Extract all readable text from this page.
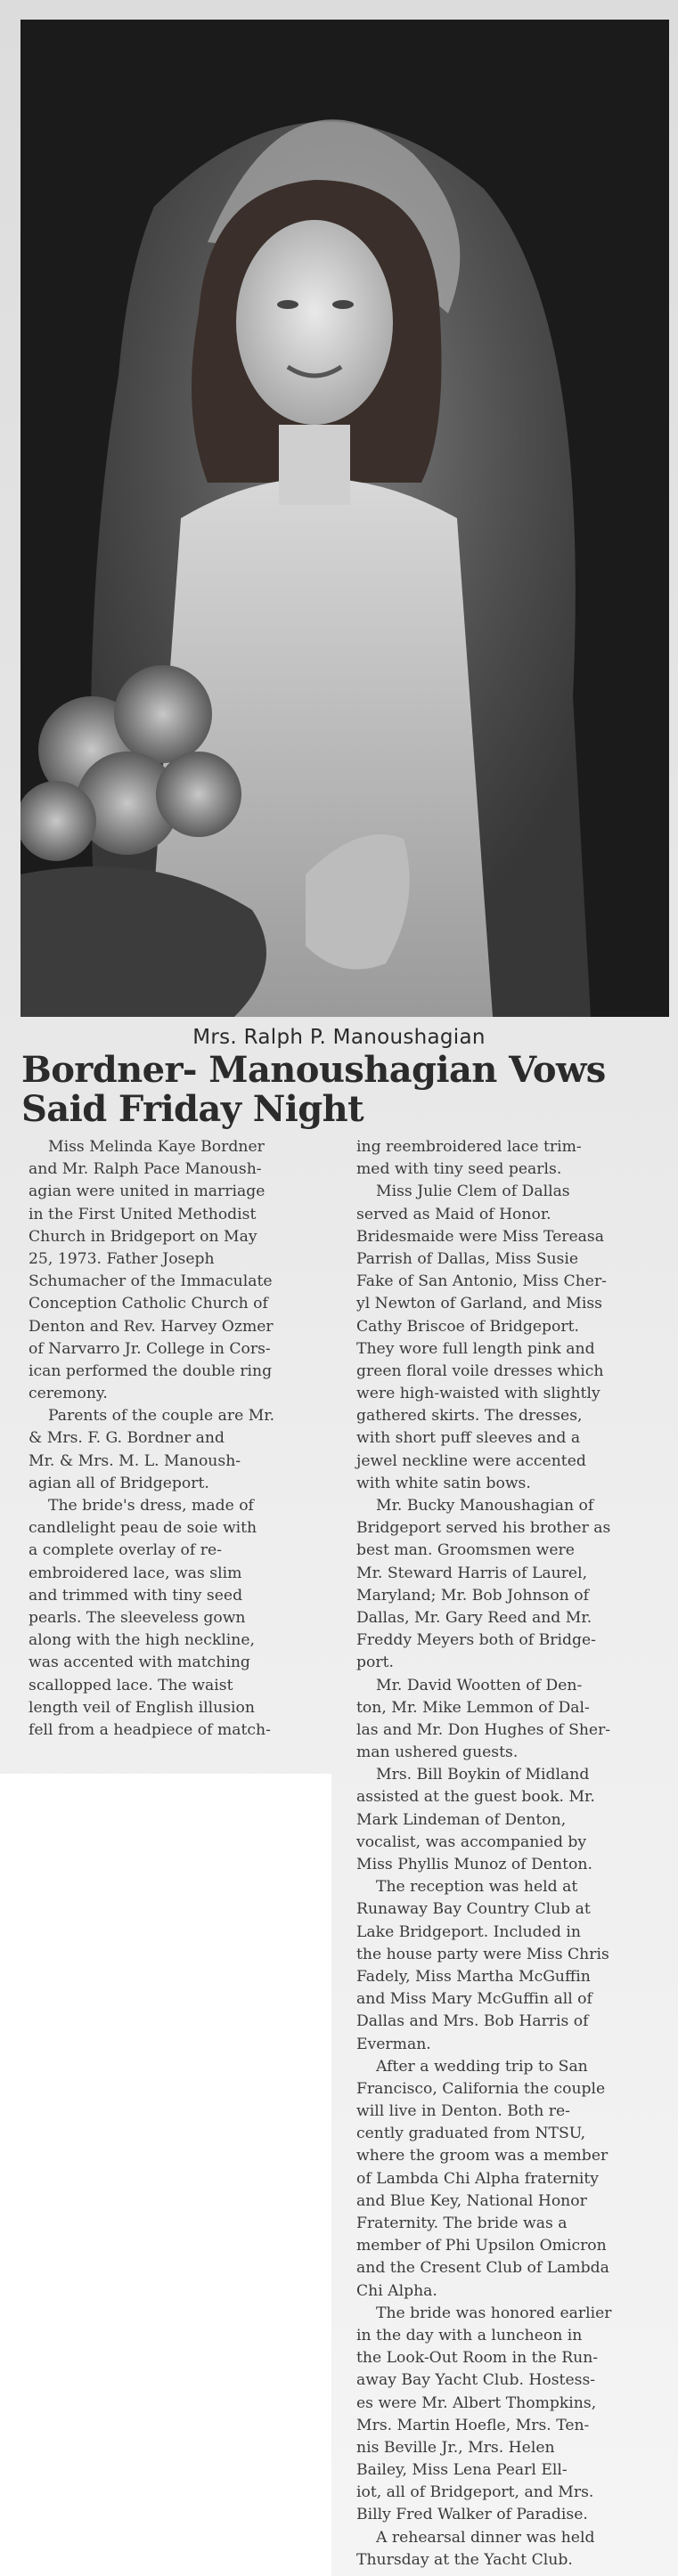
Mrs. Ralph P. Manoushagian
Bordner- Manoushagian Vows
Said Friday Night
Miss Melinda Kaye Bordner
and Mr. Ralph Pace Manoush-
agian were united in marriage
in the First United Methodist
Church in Bridgeport on May
25, 1973. Father Joseph
Schumacher of the Immaculate
Conception Catholic Church of
Denton and Rev. Harvey Ozmer
of Narvarro Jr. College in Cors-
ican performed the double ring
ceremony.
Parents of the couple are Mr.
& Mrs. F. G. Bordner and
Mr. & Mrs. M. L. Manoush-
agian all of Bridgeport.
The bride's dress, made of
candlelight peau de soie with
a complete overlay of re-
embroidered lace, was slim
and trimmed with tiny seed
pearls. The sleeveless gown
along with the high neckline,
was accented with matching
scallopped lace. The waist
length veil of English illusion
fell from a headpiece of match-
ing reembroidered lace trim-
med with tiny seed pearls.
Miss Julie Clem of Dallas
served as Maid of Honor.
Bridesmaide were Miss Tereasa
Parrish of Dallas, Miss Susie
Fake of San Antonio, Miss Cher-
yl Newton of Garland, and Miss
Cathy Briscoe of Bridgeport.
They wore full length pink and
green floral voile dresses which
were high-waisted with slightly
gathered skirts. The dresses,
with short puff sleeves and a
jewel neckline were accented
with white satin bows.
Mr. Bucky Manoushagian of
Bridgeport served his brother as
best man. Groomsmen were
Mr. Steward Harris of Laurel,
Maryland; Mr. Bob Johnson of
Dallas, Mr. Gary Reed and Mr.
Freddy Meyers both of Bridge-
port.
Mr. David Wootten of Den-
ton, Mr. Mike Lemmon of Dal-
las and Mr. Don Hughes of Sher-
man ushered guests.
Mrs. Bill Boykin of Midland
assisted at the guest book. Mr.
Mark Lindeman of Denton,
vocalist, was accompanied by
Miss Phyllis Munoz of Denton.
The reception was held at
Runaway Bay Country Club at
Lake Bridgeport. Included in
the house party were Miss Chris
Fadely, Miss Martha McGuffin
and Miss Mary McGuffin all of
Dallas and Mrs. Bob Harris of
Everman.
After a wedding trip to San
Francisco, California the couple
will live in Denton. Both re-
cently graduated from NTSU,
where the groom was a member
of Lambda Chi Alpha fraternity
and Blue Key, National Honor
Fraternity. The bride was a
member of Phi Upsilon Omicron
and the Cresent Club of Lambda
Chi Alpha.
The bride was honored earlier
in the day with a luncheon in
the Look-Out Room in the Run-
away Bay Yacht Club. Hostess-
es were Mr. Albert Thompkins,
Mrs. Martin Hoefle, Mrs. Ten-
nis Beville Jr., Mrs. Helen
Bailey, Miss Lena Pearl Ell-
iot, all of Bridgeport, and Mrs.
Billy Fred Walker of Paradise.
A rehearsal dinner was held
Thursday at the Yacht Club.
